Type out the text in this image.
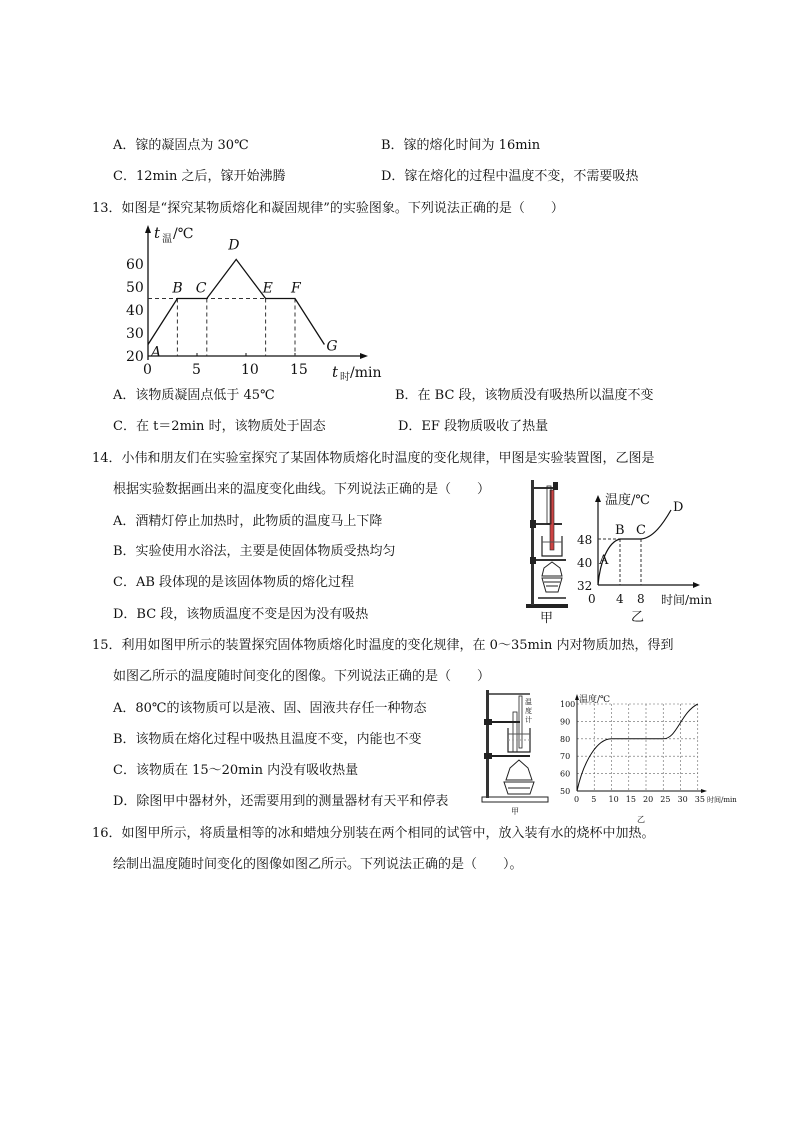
A．镓的凝固点为 30℃	B．镓的熔化时间为 16min
C．12min 之后，镓开始沸腾	D．镓在熔化的过程中温度不变，不需要吸热
13．如图是“探究某物质熔化和凝固规律”的实验图象。下列说法正确的是（　　）
t 温 /℃
t 时 /min
60
50
40
30
20
0	5	10 15
A
B C
D
E F
G
A．该物质凝固点低于 45℃	B．在 BC 段，该物质没有吸热所以温度不变
C．在 t＝2min 时，该物质处于固态	D．EF 段物质吸收了热量
14．小伟和朋友们在实验室探究了某固体物质熔化时温度的变化规律，甲图是实验装置图，乙图是
根据实验数据画出来的温度变化曲线。下列说法正确的是（　　）
A．酒精灯停止加热时，此物质的温度马上下降
B．实验使用水浴法，主要是使固体物质受热均匀
C．AB 段体现的是该固体物质的熔化过程
D．BC 段，该物质温度不变是因为没有吸热	甲
温度/℃
时间/min
48
40
32
0 4 8
A
B C
D
乙
15．利用如图甲所示的装置探究固体物质熔化时温度的变化规律，在 0～35min 内对物质加热，得到
如图乙所示的温度随时间变化的图像。下列说法正确的是（　　）
A．80℃的该物质可以是液、固、固液共存任一种物态
B．该物质在熔化过程中吸热且温度不变，内能也不变
C．该物质在 15～20min 内没有吸收热量
D．除图甲中器材外，还需要用到的测量器材有天平和停表
温
度
计
甲
温度/℃
时间/min
100
90
80
70
60
50
0 5 10 15 20 25 30 35
乙
16．如图甲所示，将质量相等的冰和蜡烛分别装在两个相同的试管中，放入装有水的烧杯中加热。
绘制出温度随时间变化的图像如图乙所示。下列说法正确的是（　　）。
